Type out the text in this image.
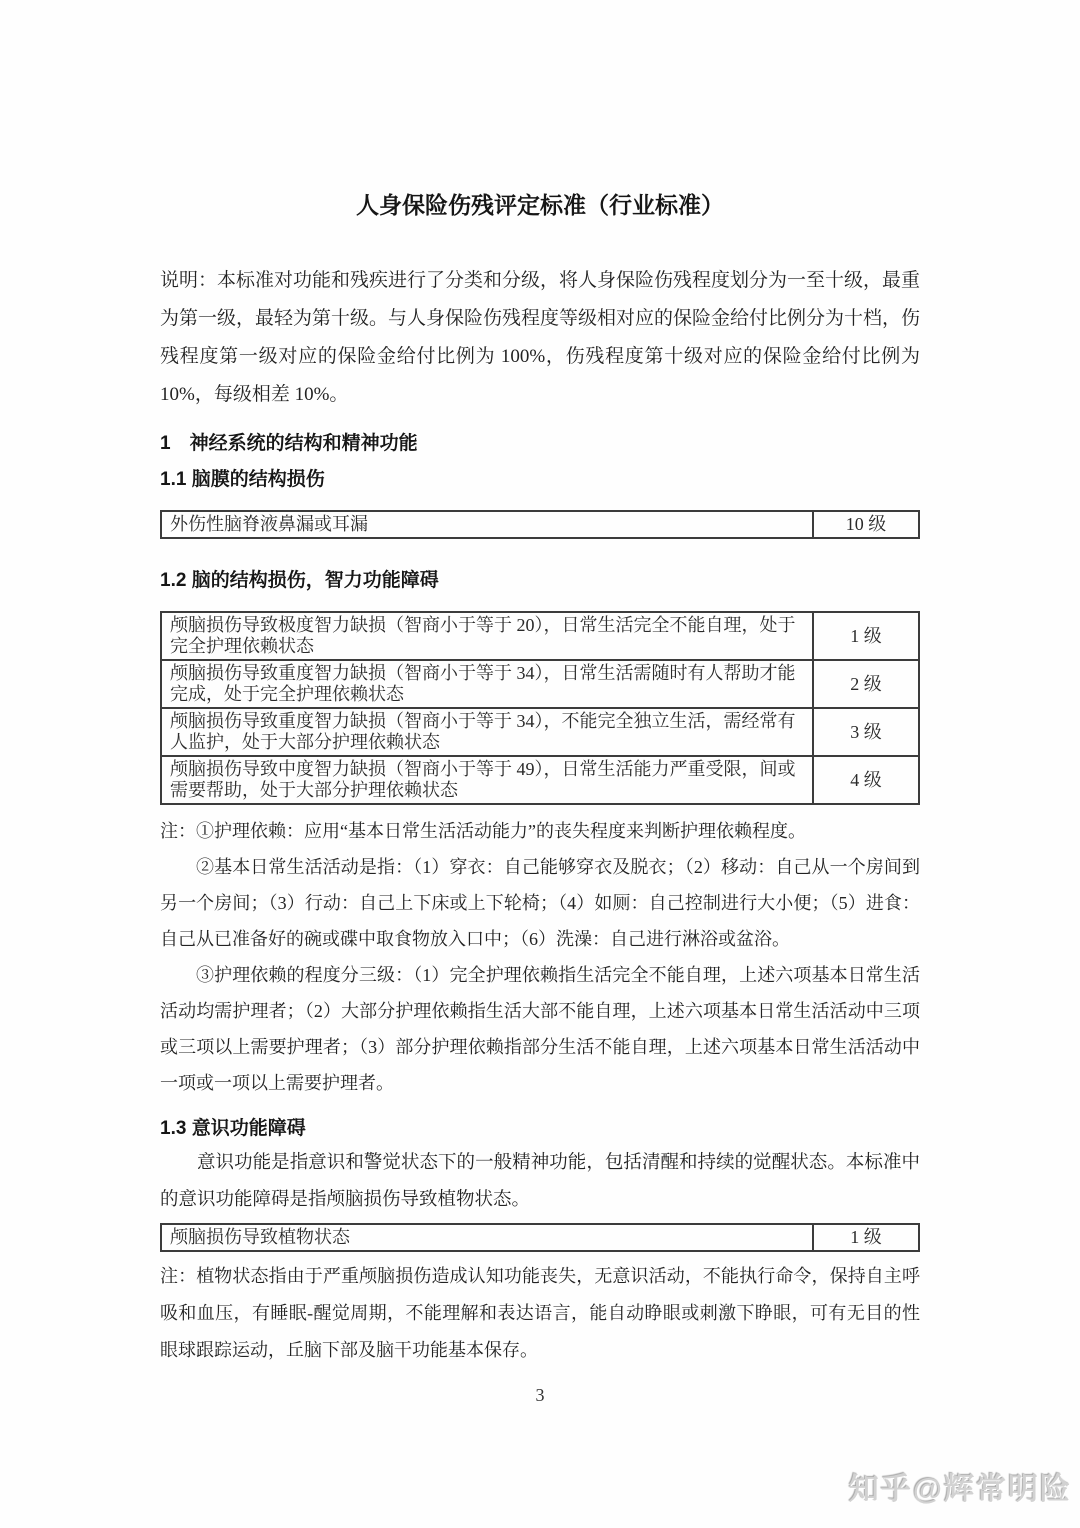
人身保险伤残评定标准（行业标准）

说明：本标准对功能和残疾进行了分类和分级，将人身保险伤残程度划分为一至十级，最重为第一级，最轻为第十级。与人身保险伤残程度等级相对应的保险金给付比例分为十档，伤残程度第一级对应的保险金给付比例为 100%，伤残程度第十级对应的保险金给付比例为 10%，每级相差 10%。

1　神经系统的结构和精神功能
1.1 脑膜的结构损伤
外伤性脑脊液鼻漏或耳漏	10 级
1.2 脑的结构损伤，智力功能障碍
颅脑损伤导致极度智力缺损（智商小于等于 20），日常生活完全不能自理，处于完全护理依赖状态	1 级
颅脑损伤导致重度智力缺损（智商小于等于 34），日常生活需随时有人帮助才能完成，处于完全护理依赖状态	2 级
颅脑损伤导致重度智力缺损（智商小于等于 34），不能完全独立生活，需经常有人监护，处于大部分护理依赖状态	3 级
颅脑损伤导致中度智力缺损（智商小于等于 49），日常生活能力严重受限，间或需要帮助，处于大部分护理依赖状态	4 级

注：①护理依赖：应用“基本日常生活活动能力”的丧失程度来判断护理依赖程度。

②基本日常生活活动是指：（1）穿衣：自己能够穿衣及脱衣；（2）移动：自己从一个房间到另一个房间；（3）行动：自己上下床或上下轮椅；（4）如厕：自己控制进行大小便；（5）进食：自己从已准备好的碗或碟中取食物放入口中；（6）洗澡：自己进行淋浴或盆浴。

③护理依赖的程度分三级：（1）完全护理依赖指生活完全不能自理，上述六项基本日常生活活动均需护理者；（2）大部分护理依赖指生活大部不能自理，上述六项基本日常生活活动中三项或三项以上需要护理者；（3）部分护理依赖指部分生活不能自理，上述六项基本日常生活活动中一项或一项以上需要护理者。

1.3 意识功能障碍

意识功能是指意识和警觉状态下的一般精神功能，包括清醒和持续的觉醒状态。本标准中的意识功能障碍是指颅脑损伤导致植物状态。

颅脑损伤导致植物状态	1 级

注：植物状态指由于严重颅脑损伤造成认知功能丧失，无意识活动，不能执行命令，保持自主呼吸和血压，有睡眠-醒觉周期，不能理解和表达语言，能自动睁眼或刺激下睁眼，可有无目的性眼球跟踪运动，丘脑下部及脑干功能基本保存。

3
知乎@辉常明险
